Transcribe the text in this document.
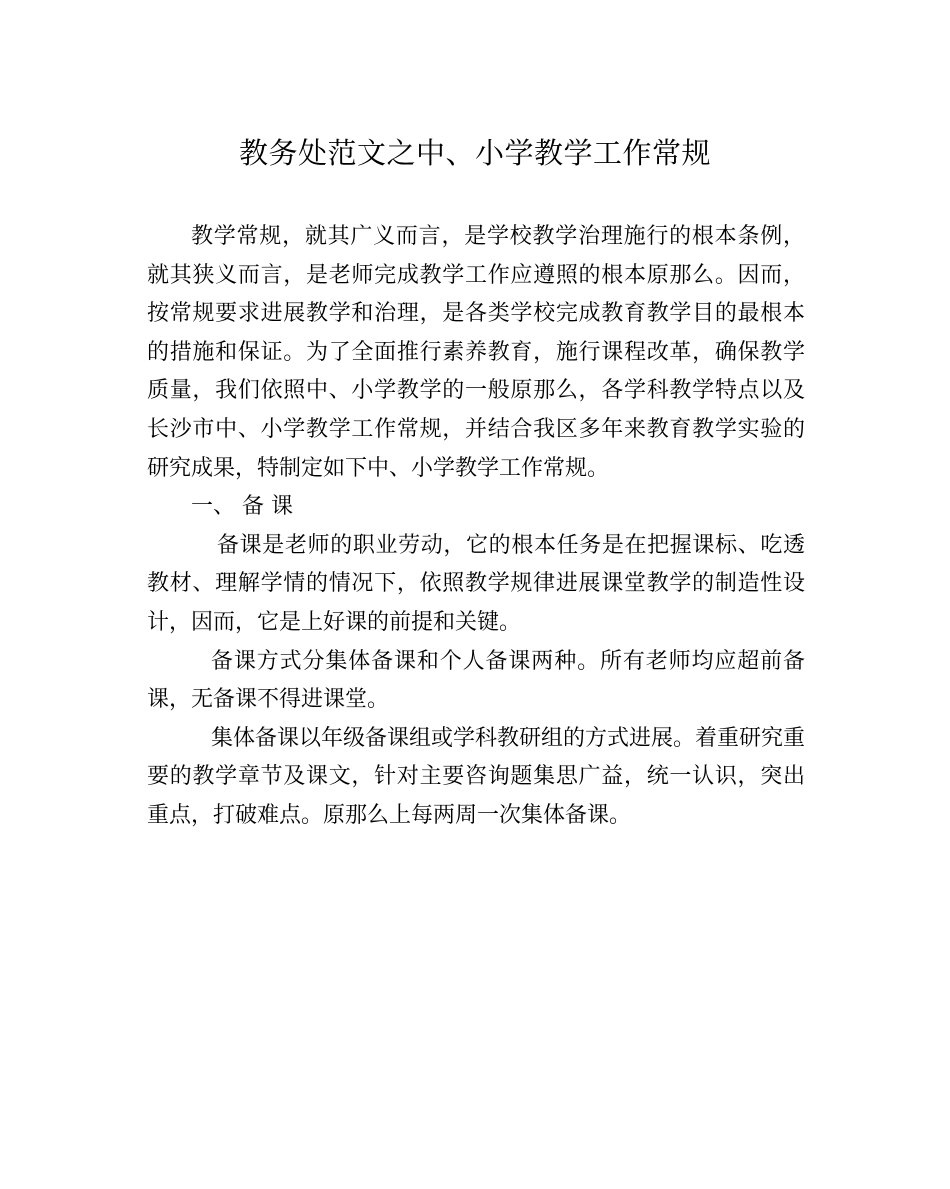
教务处范文之中、小学教学工作常规

教学常规，就其广义而言，是学校教学治理施行的根本条例，就其狭义而言，是老师完成教学工作应遵照的根本原那么。因而，按常规要求进展教学和治理，是各类学校完成教育教学目的最根本的措施和保证。为了全面推行素养教育，施行课程改革，确保教学质量，我们依照中、小学教学的一般原那么，各学科教学特点以及长沙市中、小学教学工作常规，并结合我区多年来教育教学实验的研究成果，特制定如下中、小学教学工作常规。

一、 备 课

备课是老师的职业劳动，它的根本任务是在把握课标、吃透教材、理解学情的情况下，依照教学规律进展课堂教学的制造性设计，因而，它是上好课的前提和关键。

备课方式分集体备课和个人备课两种。所有老师均应超前备课，无备课不得进课堂。

集体备课以年级备课组或学科教研组的方式进展。着重研究重要的教学章节及课文，针对主要咨询题集思广益，统一认识，突出重点，打破难点。原那么上每两周一次集体备课。
